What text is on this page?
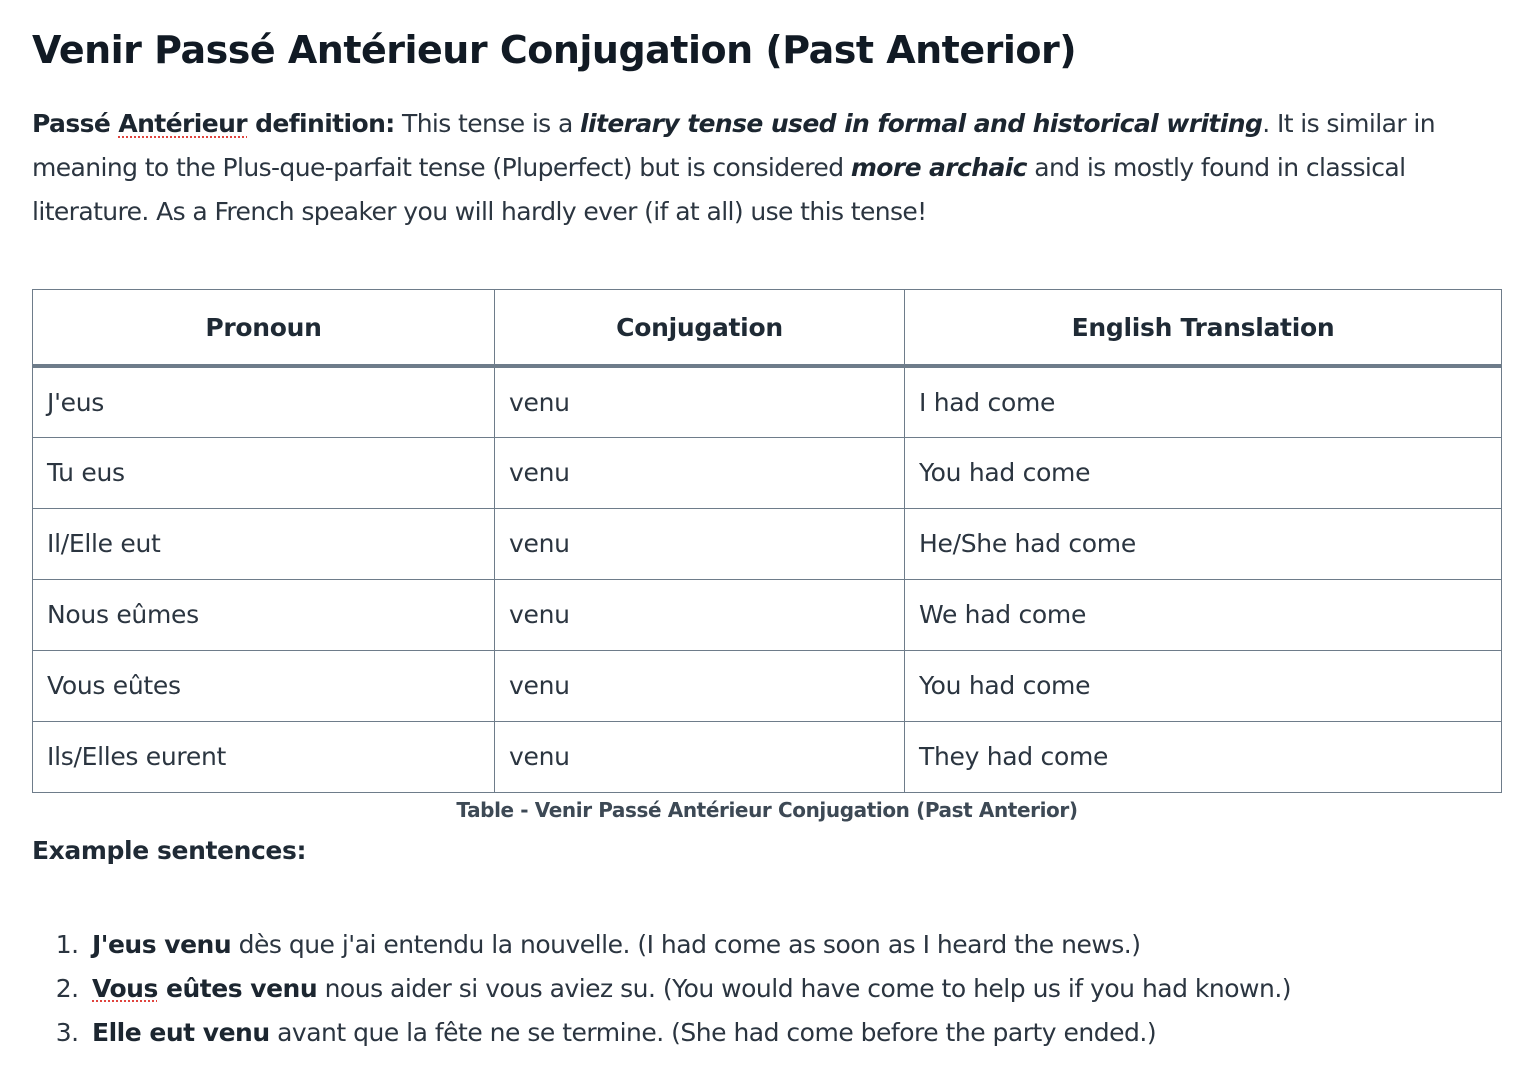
Venir Passé Antérieur Conjugation (Past Anterior)

Passé Antérieur definition: This tense is a literary tense used in formal and historical writing. It is similar in meaning to the Plus-que-parfait tense (Pluperfect) but is considered more archaic and is mostly found in classical literature. As a French speaker you will hardly ever (if at all) use this tense!

Pronoun	Conjugation	English Translation
J'eus	venu	I had come
Tu eus	venu	You had come
Il/Elle eut	venu	He/She had come
Nous eûmes	venu	We had come
Vous eûtes	venu	You had come
Ils/Elles eurent	venu	They had come
Table - Venir Passé Antérieur Conjugation (Past Anterior)
Example sentences:
1. J'eus venu dès que j'ai entendu la nouvelle. (I had come as soon as I heard the news.)
2. Vous eûtes venu nous aider si vous aviez su. (You would have come to help us if you had known.)
3. Elle eut venu avant que la fête ne se termine. (She had come before the party ended.)
